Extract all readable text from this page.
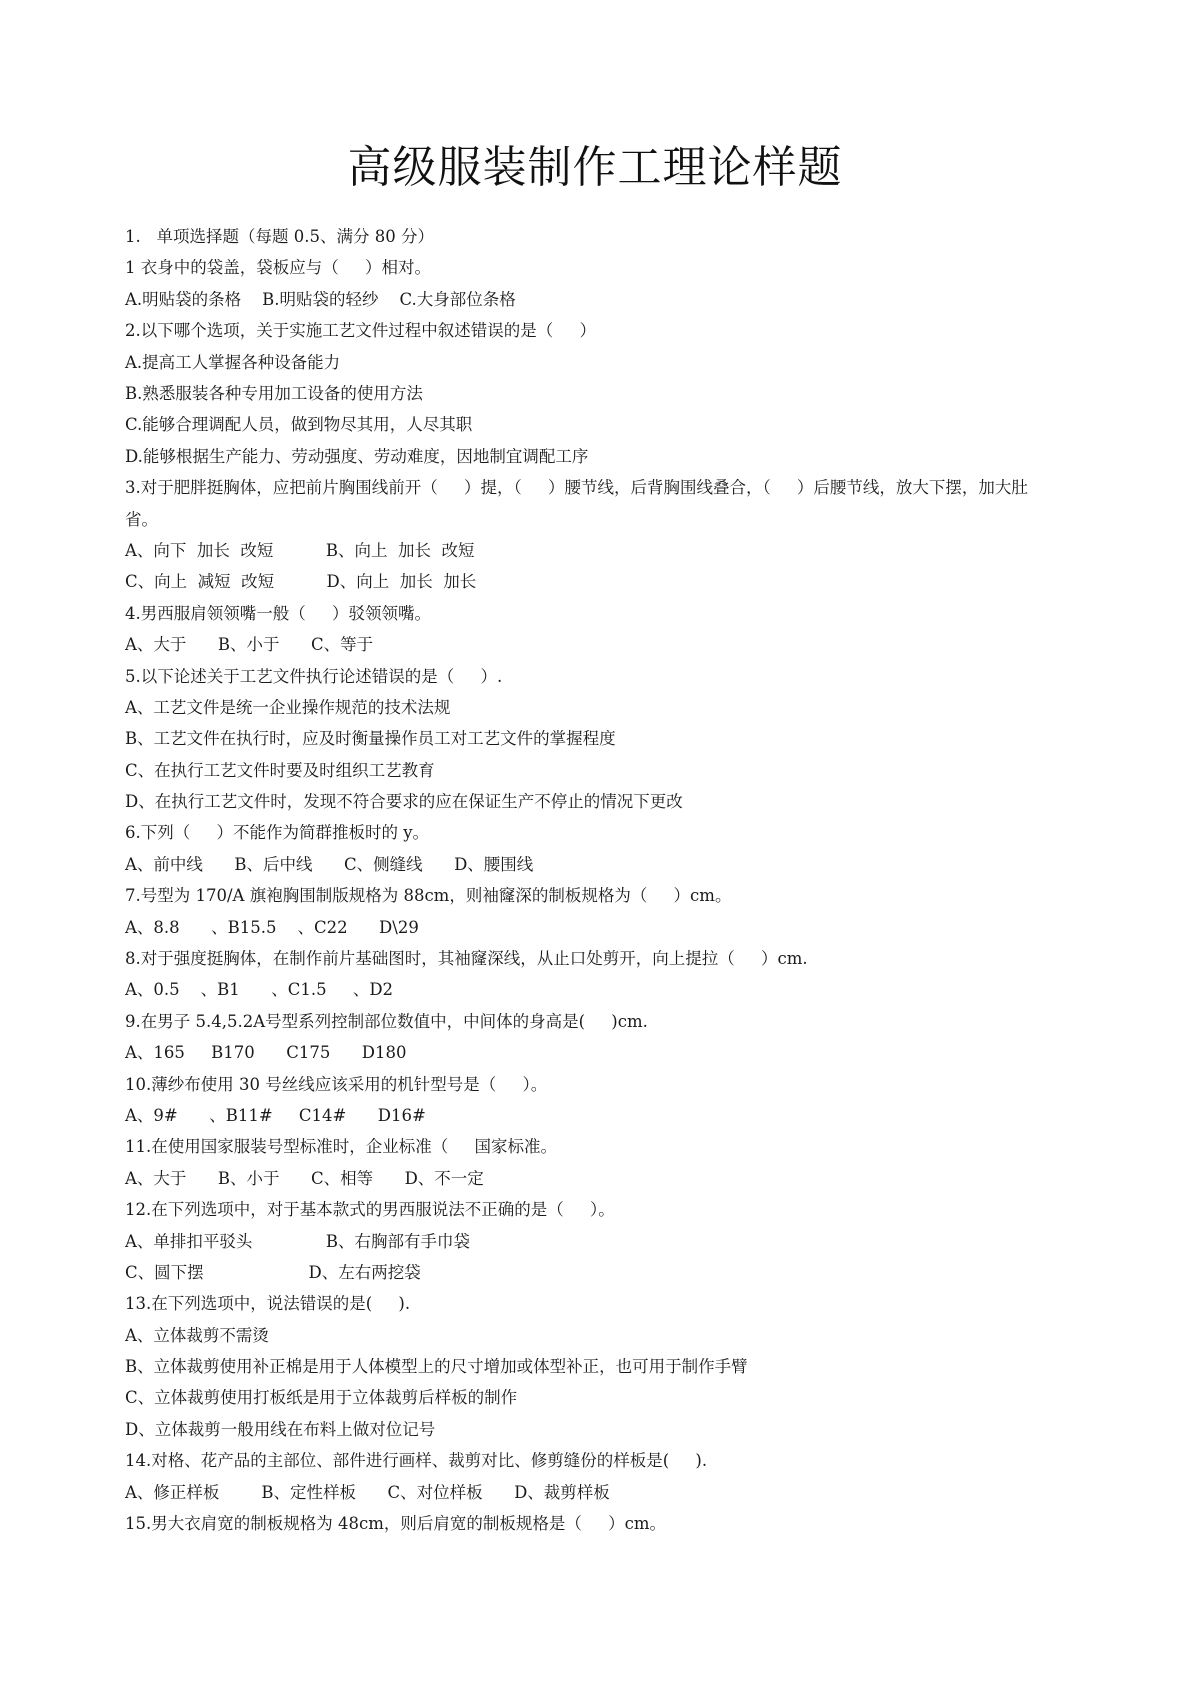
高级服装制作工理论样题
1.   单项选择题（每题 0.5、满分 80 分）
1 衣身中的袋盖，袋板应与（     ）相对。
A.明贴袋的条格    B.明贴袋的轻纱    C.大身部位条格
2.以下哪个选项，关于实施工艺文件过程中叙述错误的是（     ）
A.提高工人掌握各种设备能力
B.熟悉服装各种专用加工设备的使用方法
C.能够合理调配人员，做到物尽其用，人尽其职
D.能够根据生产能力、劳动强度、劳动难度，因地制宜调配工序
3.对于肥胖挺胸体，应把前片胸围线前开（     ）提，（     ）腰节线，后背胸围线叠合，（     ）后腰节线，放大下摆，加大肚省。
A、向下  加长  改短          B、向上  加长  改短
C、向上  减短  改短          D、向上  加长  加长
4.男西服肩领领嘴一般（     ）驳领领嘴。
A、大于      B、小于      C、等于
5.以下论述关于工艺文件执行论述错误的是（     ）.
A、工艺文件是统一企业操作规范的技术法规
B、工艺文件在执行时，应及时衡量操作员工对工艺文件的掌握程度
C、在执行工艺文件时要及时组织工艺教育
D、在执行工艺文件时，发现不符合要求的应在保证生产不停止的情况下更改
6.下列（     ）不能作为简群推板时的 y。
A、前中线      B、后中线      C、侧缝线      D、腰围线
7.号型为 170/A 旗袍胸围制版规格为 88cm，则袖窿深的制板规格为（     ）cm。
A、8.8      、B15.5    、C22      D\29
8.对于强度挺胸体，在制作前片基础图时，其袖窿深线，从止口处剪开，向上提拉（     ）cm.
A、0.5    、B1      、C1.5     、D2
9.在男子 5.4,5.2A号型系列控制部位数值中，中间体的身高是(     )cm.
A、165     B170      C175      D180
10.薄纱布使用 30 号丝线应该采用的机针型号是（     ）。
A、9#      、B11#     C14#      D16#
11.在使用国家服装号型标准时，企业标准（     国家标准。
A、大于      B、小于      C、相等      D、不一定
12.在下列选项中，对于基本款式的男西服说法不正确的是（     ）。
A、单排扣平驳头              B、右胸部有手巾袋
C、圆下摆                    D、左右两挖袋
13.在下列选项中，说法错误的是(     ).
A、立体裁剪不需烫
B、立体裁剪使用补正棉是用于人体模型上的尺寸增加或体型补正，也可用于制作手臂
C、立体裁剪使用打板纸是用于立体裁剪后样板的制作
D、立体裁剪一般用线在布料上做对位记号
14.对格、花产品的主部位、部件进行画样、裁剪对比、修剪缝份的样板是(     ).
A、修正样板        B、定性样板      C、对位样板      D、裁剪样板
15.男大衣肩宽的制板规格为 48cm，则后肩宽的制板规格是（     ）cm。
